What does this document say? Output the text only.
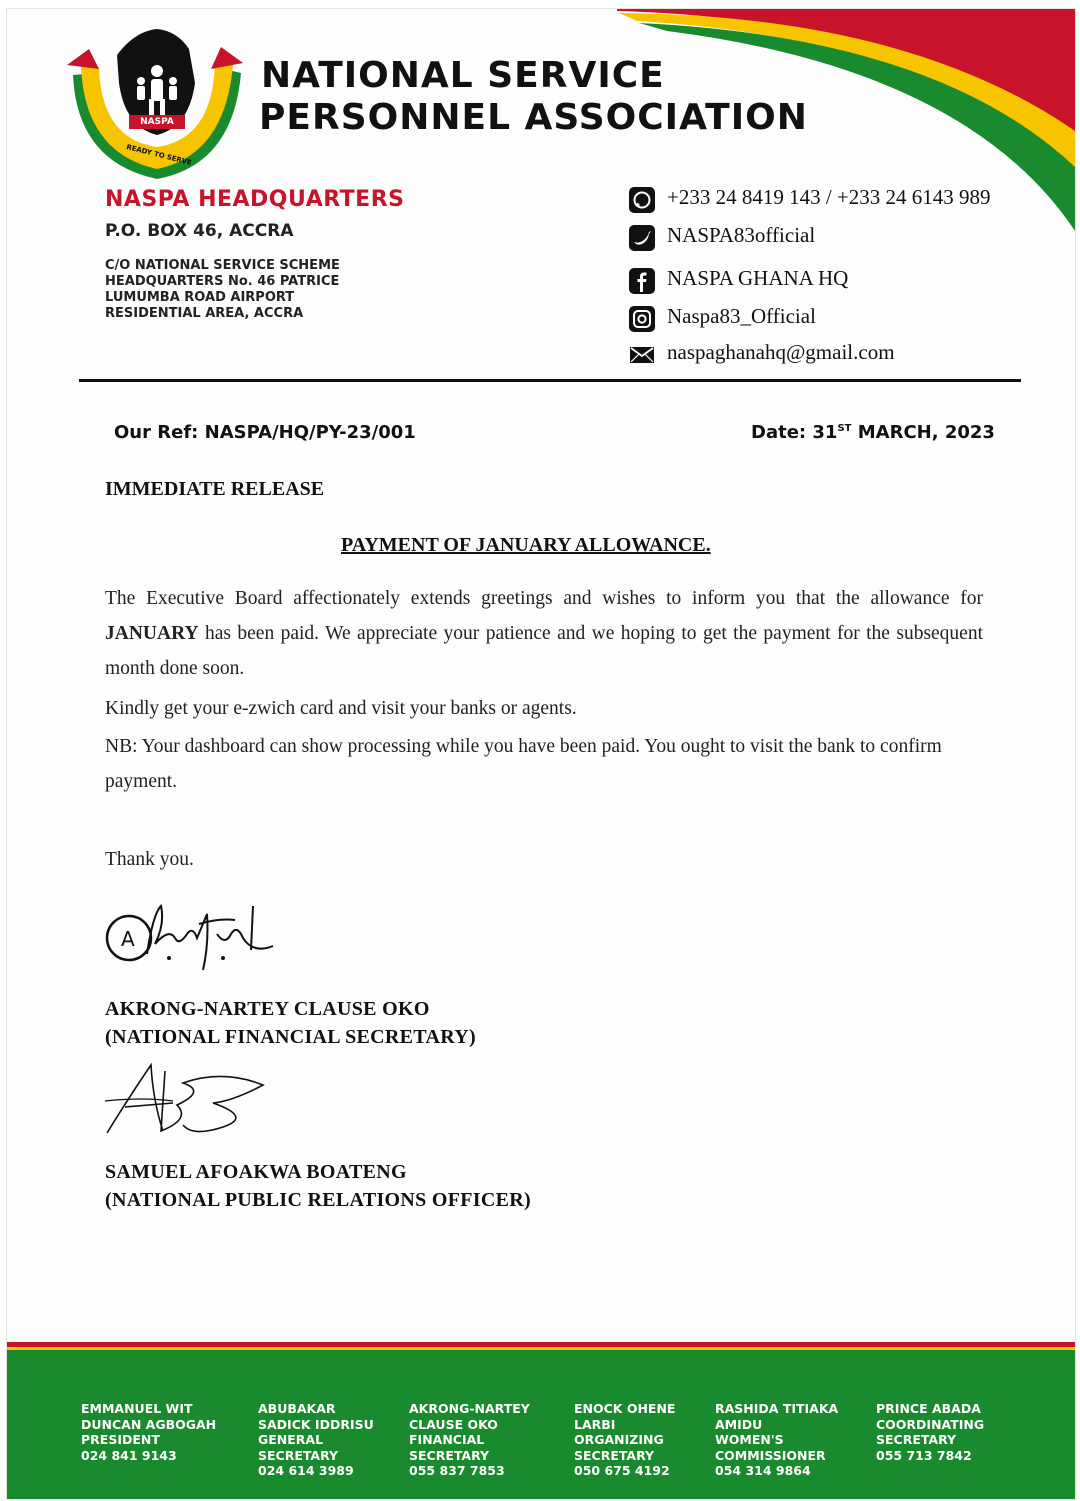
NASPA
READY TO SERVE
NATIONAL SERVICE
PERSONNEL ASSOCIATION
NASPA HEADQUARTERS
P.O. BOX 46, ACCRA
C/O NATIONAL SERVICE SCHEME HEADQUARTERS No. 46 PATRICE LUMUMBA ROAD AIRPORT RESIDENTIAL AREA, ACCRA
+233 24 8419 143 / +233 24 6143 989
NASPA83official
NASPA GHANA HQ
Naspa83_Official
naspaghanahq@gmail.com
Our Ref: NASPA/HQ/PY-23/001	Date: 31ST MARCH, 2023
IMMEDIATE RELEASE
PAYMENT OF JANUARY ALLOWANCE.
The Executive Board affectionately extends greetings and wishes to inform you that the allowance for JANUARY has been paid. We appreciate your patience and we hoping to get the payment for the subsequent month done soon.
Kindly get your e-zwich card and visit your banks or agents.
NB: Your dashboard can show processing while you have been paid. You ought to visit the bank to confirm payment.
Thank you.
A
AKRONG-NARTEY CLAUSE OKO
(NATIONAL FINANCIAL SECRETARY)
SAMUEL AFOAKWA BOATENG
(NATIONAL PUBLIC RELATIONS OFFICER)
EMMANUEL WIT
DUNCAN AGBOGAH
PRESIDENT
024 841 9143
ABUBAKAR
SADICK IDDRISU
GENERAL
SECRETARY
024 614 3989
AKRONG-NARTEY
CLAUSE OKO
FINANCIAL
SECRETARY
055 837 7853
ENOCK OHENE
LARBI
ORGANIZING
SECRETARY
050 675 4192
RASHIDA TITIAKA
AMIDU
WOMEN'S
COMMISSIONER
054 314 9864
PRINCE ABADA
COORDINATING
SECRETARY
055 713 7842
